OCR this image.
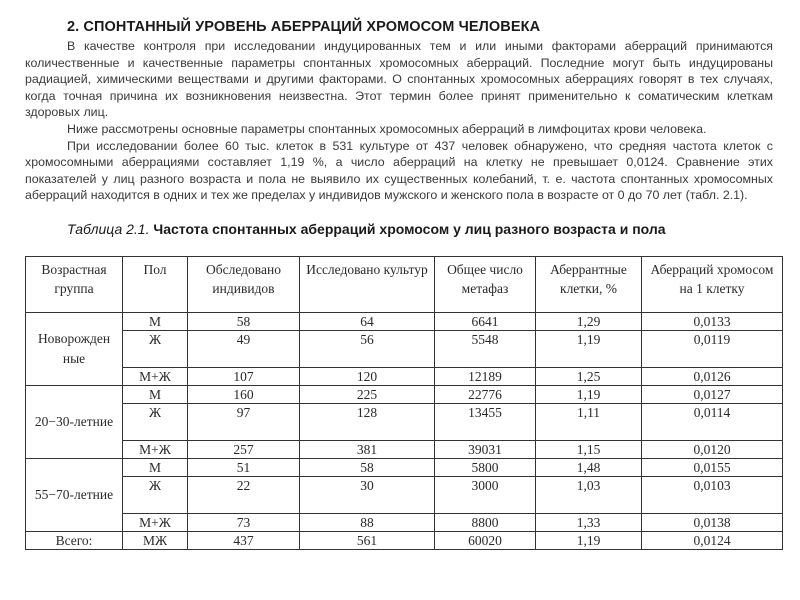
2. СПОНТАННЫЙ УРОВЕНЬ АБЕРРАЦИЙ ХРОМОСОМ ЧЕЛОВЕКА

В качестве контроля при исследовании индуцированных тем и или иными факторами аберраций принимаются количественные и качественные параметры спонтанных хромосомных аберраций. Последние могут быть индуцированы радиацией, химическими веществами и другими факторами. О спонтанных хромосомных аберрациях говорят в тех случаях, когда точная причина их возникновения неизвестна. Этот термин более принят применительно к соматическим клеткам здоровых лиц.

Ниже рассмотрены основные параметры спонтанных хромосомных аберраций в лимфоцитах крови человека.

При исследовании более 60 тыс. клеток в 531 культуре от 437 человек обнаружено, что средняя частота клеток с хромосомными аберрациями составляет 1,19 %, а число аберраций на клетку не превышает 0,0124. Сравнение этих показателей у лиц разного возраста и пола не выявило их существенных колебаний, т. е. частота спонтанных хромосомных аберраций находится в одних и тех же пределах у индивидов мужского и женского пола в возрасте от 0 до 70 лет (табл. 2.1).

Таблица 2.1. Частота спонтанных аберраций хромосом у лиц разного возраста и пола
Возрастная группа	Пол	Обследовано индивидов	Исследовано культур	Общее число метафаз	Аберрантные клетки, %	Аберраций хромосом на 1 клетку
Новорожден ные	М	58	64	6641	1,29	0,0133
	Ж	49	56	5548	1,19	0,0119
	М+Ж	107	120	12189	1,25	0,0126
20−30-летние	М	160	225	22776	1,19	0,0127
	Ж	97	128	13455	1,11	0,0114
	М+Ж	257	381	39031	1,15	0,0120
55−70-летние	М	51	58	5800	1,48	0,0155
	Ж	22	30	3000	1,03	0,0103
	М+Ж	73	88	8800	1,33	0,0138
Всего:	МЖ	437	561	60020	1,19	0,0124
